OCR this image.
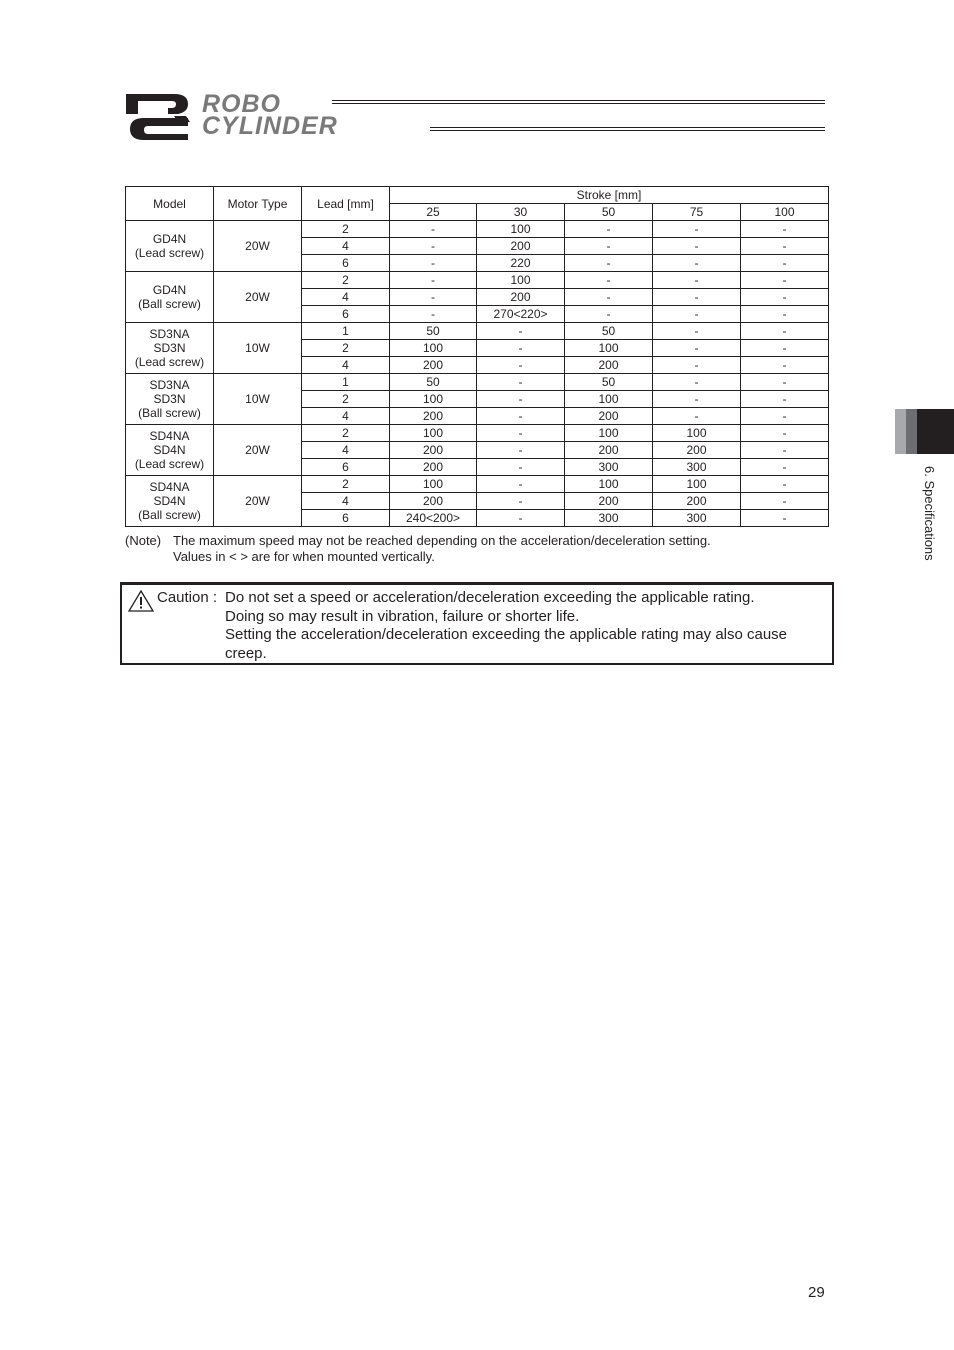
ROBO
CYLINDER
6. Specifications
Model	Motor Type	Lead [mm]	Stroke [mm]				
			25	30	50	75	100

GD4N
(Lead screw)	20W	2	-	100	-	-	-
		4	-	200	-	-	-
		6	-	220	-	-	-

GD4N
(Ball screw)	20W	2	-	100	-	-	-
		4	-	200	-	-	-
		6	-	270<220>	-	-	-

SD3NA
SD3N
(Lead screw)	10W	1	50	-	50	-	-
		2	100	-	100	-	-
		4	200	-	200	-	-

SD3NA
SD3N
(Ball screw)	10W	1	50	-	50	-	-
		2	100	-	100	-	-
		4	200	-	200	-	-

SD4NA
SD4N
(Lead screw)	20W	2	100	-	100	100	-
		4	200	-	200	200	-
		6	200	-	300	300	-

SD4NA
SD4N
(Ball screw)	20W	2	100	-	100	100	-
		4	200	-	200	200	-
		6	240<200>	-	300	300	-
(Note) The maximum speed may not be reached depending on the acceleration/deceleration setting.
Values in < > are for when mounted vertically.
Caution : Do not set a speed or acceleration/deceleration exceeding the applicable rating.
Doing so may result in vibration, failure or shorter life.
Setting the acceleration/deceleration exceeding the applicable rating may also cause
creep.
29
